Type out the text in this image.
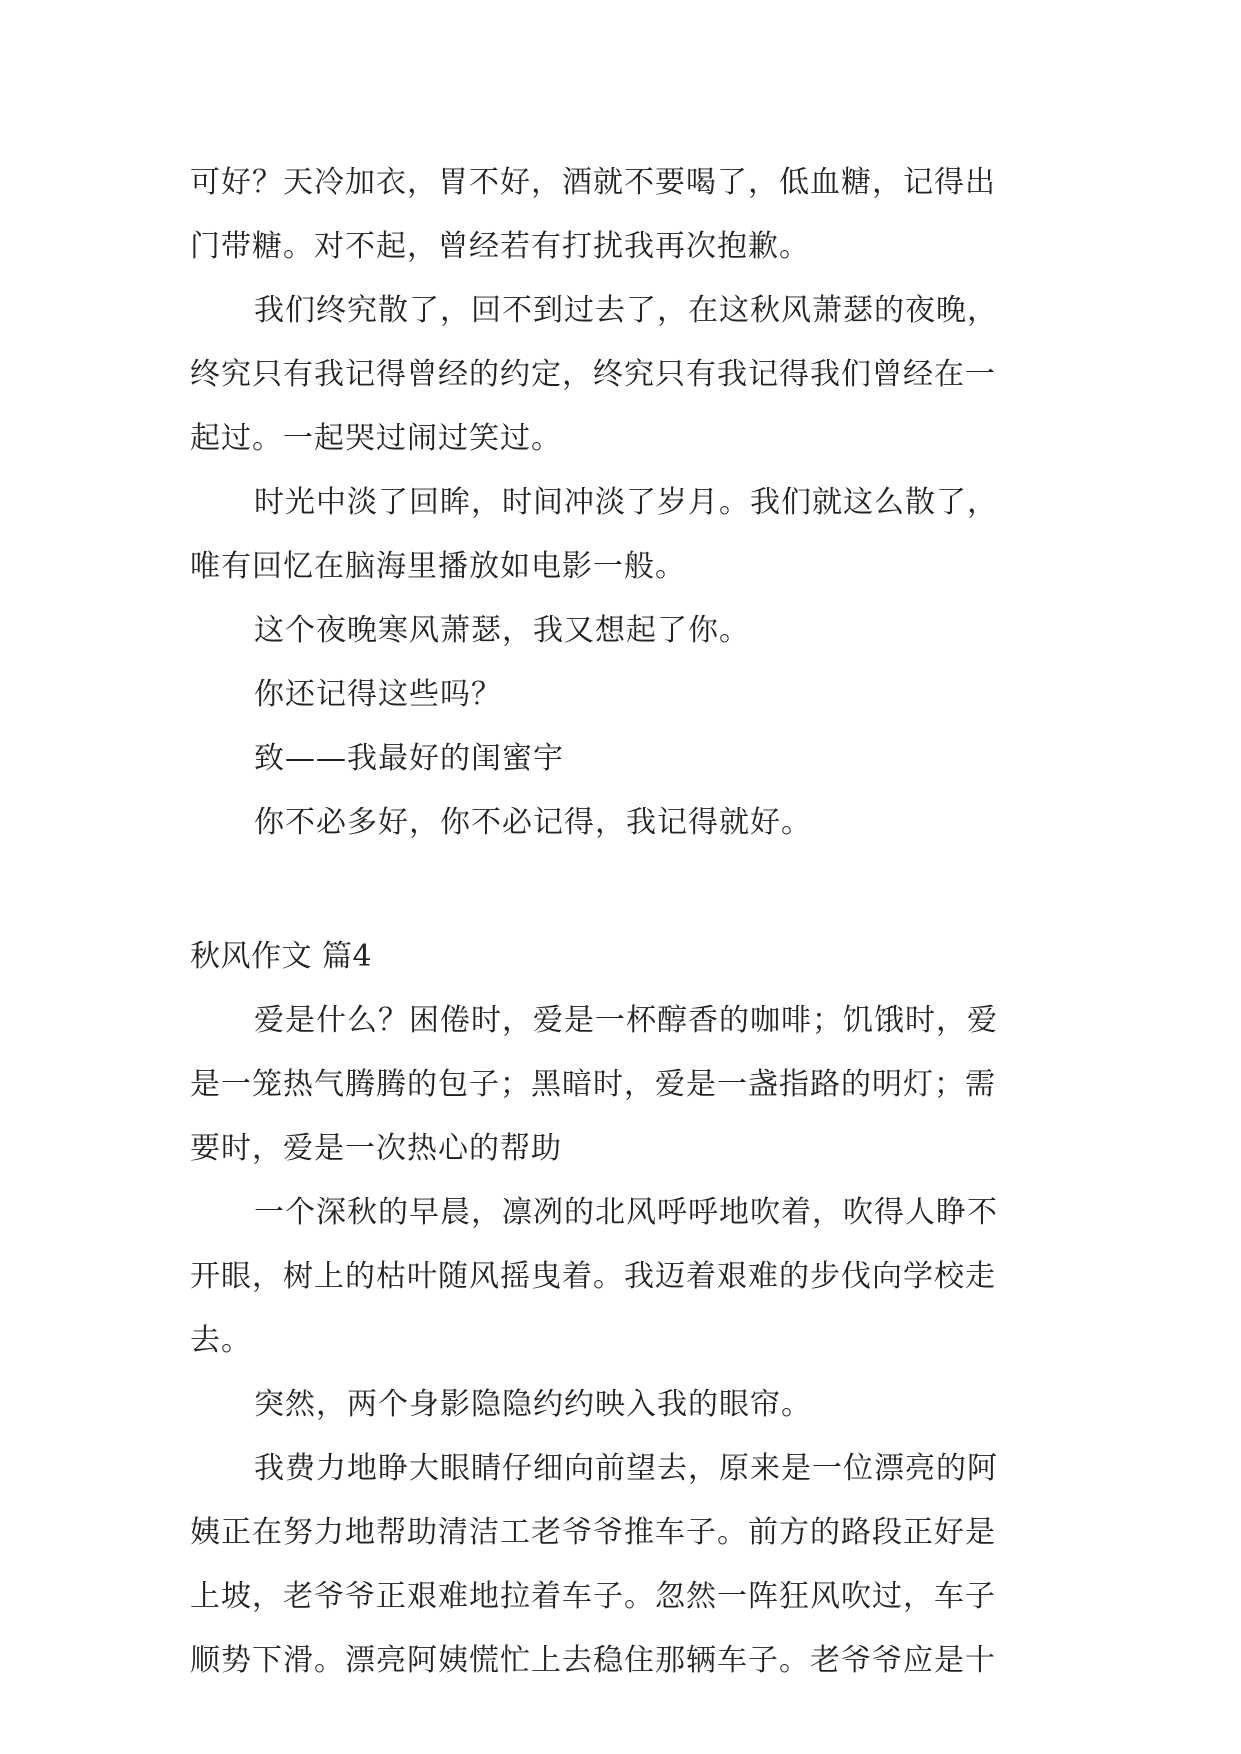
可好？天冷加衣，胃不好，酒就不要喝了，低血糖，记得出
门带糖。对不起，曾经若有打扰我再次抱歉。
我们终究散了，回不到过去了，在这秋风萧瑟的夜晚，
终究只有我记得曾经的约定，终究只有我记得我们曾经在一
起过。一起哭过闹过笑过。
时光中淡了回眸，时间冲淡了岁月。我们就这么散了，
唯有回忆在脑海里播放如电影一般。
这个夜晚寒风萧瑟，我又想起了你。
你还记得这些吗？
致——我最好的闺蜜宇
你不必多好，你不必记得，我记得就好。
秋风作文 篇4
爱是什么？困倦时，爱是一杯醇香的咖啡；饥饿时，爱
是一笼热气腾腾的包子；黑暗时，爱是一盏指路的明灯；需
要时，爱是一次热心的帮助
一个深秋的早晨，凛冽的北风呼呼地吹着，吹得人睁不
开眼，树上的枯叶随风摇曳着。我迈着艰难的步伐向学校走
去。
突然，两个身影隐隐约约映入我的眼帘。
我费力地睁大眼睛仔细向前望去，原来是一位漂亮的阿
姨正在努力地帮助清洁工老爷爷推车子。前方的路段正好是
上坡，老爷爷正艰难地拉着车子。忽然一阵狂风吹过，车子
顺势下滑。漂亮阿姨慌忙上去稳住那辆车子。老爷爷应是十
